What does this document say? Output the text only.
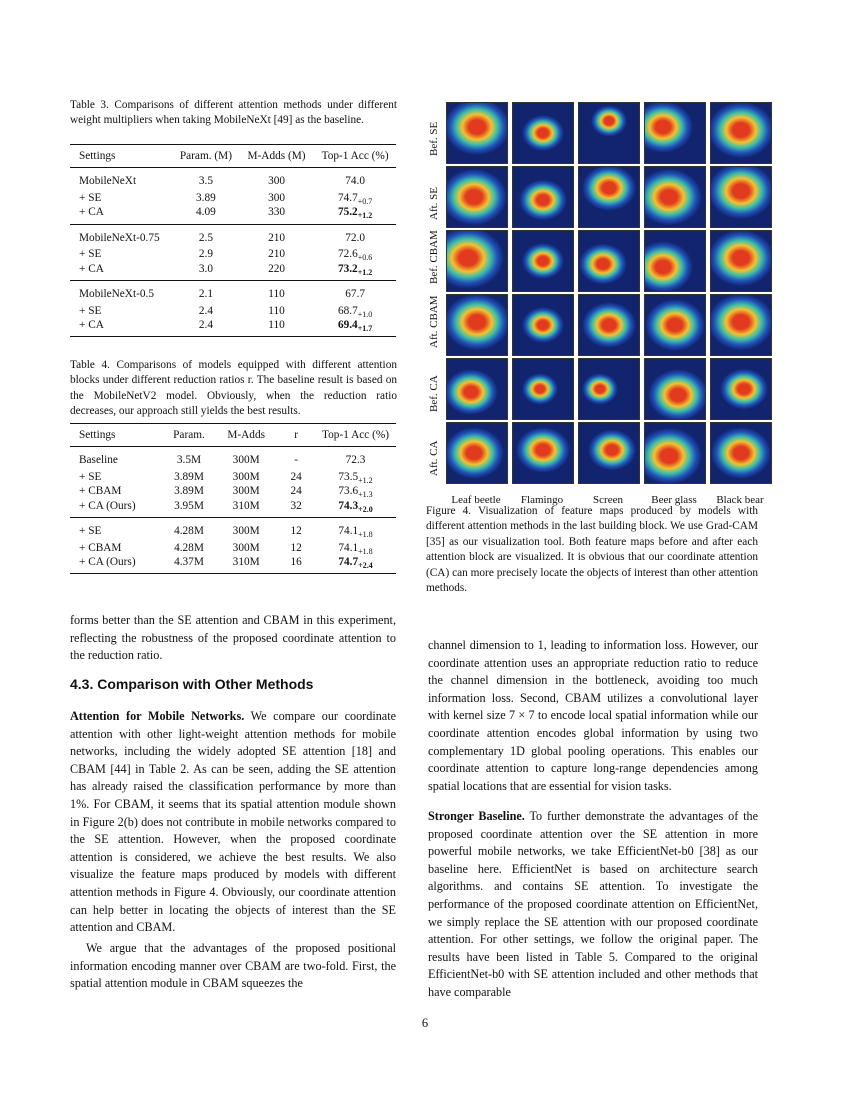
Table 3. Comparisons of different attention methods under different weight multipliers when taking MobileNeXt [49] as the baseline.
Settings	Param. (M)	M-Adds (M)	Top-1 Acc (%)
MobileNeXt	3.5	300	74.0
+ SE	3.89	300	$74.7_{+0.7}$
+ CA	4.09	330	$75.2_{+1.2}$
MobileNeXt-0.75	2.5	210	72.0
+ SE	2.9	210	$72.6_{+0.6}$
+ CA	3.0	220	$73.2_{+1.2}$
MobileNeXt-0.5	2.1	110	67.7
+ SE	2.4	110	$68.7_{+1.0}$
+ CA	2.4	110	$69.4_{+1.7}$
Table 4. Comparisons of models equipped with different attention blocks under different reduction ratios r. The baseline result is based on the MobileNetV2 model. Obviously, when the reduction ratio decreases, our approach still yields the best results.
Settings	Param.	M-Adds	r	Top-1 Acc (%)
Baseline	3.5M	300M	-	72.3
+ SE	3.89M	300M	24	$73.5_{+1.2}$
+ CBAM	3.89M	300M	24	$73.6_{+1.3}$
+ CA (Ours)	3.95M	310M	32	$74.3_{+2.0}$
+ SE	4.28M	300M	12	$74.1_{+1.8}$
+ CBAM	4.28M	300M	12	$74.1_{+1.8}$
+ CA (Ours)	4.37M	310M	16	$74.7_{+2.4}$
Bef. SE
Aft. SE
Bef. CBAM
Aft. CBAM
Bef. CA
Aft. CA
Leaf beetle	Flamingo	Screen	Beer glass	Black bear
Figure 4. Visualization of feature maps produced by models with different attention methods in the last building block. We use Grad-CAM [35] as our visualization tool. Both feature maps before and after each attention block are visualized. It is obvious that our coordinate attention (CA) can more precisely locate the objects of interest than other attention methods.
forms better than the SE attention and CBAM in this experiment, reflecting the robustness of the proposed coordinate attention to the reduction ratio.
4.3. Comparison with Other Methods
Attention for Mobile Networks. We compare our coordinate attention with other light-weight attention methods for mobile networks, including the widely adopted SE attention [18] and CBAM [44] in Table 2. As can be seen, adding the SE attention has already raised the classification performance by more than 1%. For CBAM, it seems that its spatial attention module shown in Figure 2(b) does not contribute in mobile networks compared to the SE attention. However, when the proposed coordinate attention is considered, we achieve the best results. We also visualize the feature maps produced by models with different attention methods in Figure 4. Obviously, our coordinate attention can help better in locating the objects of interest than the SE attention and CBAM.
We argue that the advantages of the proposed positional information encoding manner over CBAM are two-fold. First, the spatial attention module in CBAM squeezes the
channel dimension to 1, leading to information loss. However, our coordinate attention uses an appropriate reduction ratio to reduce the channel dimension in the bottleneck, avoiding too much information loss. Second, CBAM utilizes a convolutional layer with kernel size 7 × 7 to encode local spatial information while our coordinate attention encodes global information by using two complementary 1D global pooling operations. This enables our coordinate attention to capture long-range dependencies among spatial locations that are essential for vision tasks.
Stronger Baseline. To further demonstrate the advantages of the proposed coordinate attention over the SE attention in more powerful mobile networks, we take EfficientNet-b0 [38] as our baseline here. EfficientNet is based on architecture search algorithms. and contains SE attention. To investigate the performance of the proposed coordinate attention on EfficientNet, we simply replace the SE attention with our proposed coordinate attention. For other settings, we follow the original paper. The results have been listed in Table 5. Compared to the original EfficientNet-b0 with SE attention included and other methods that have comparable
6
